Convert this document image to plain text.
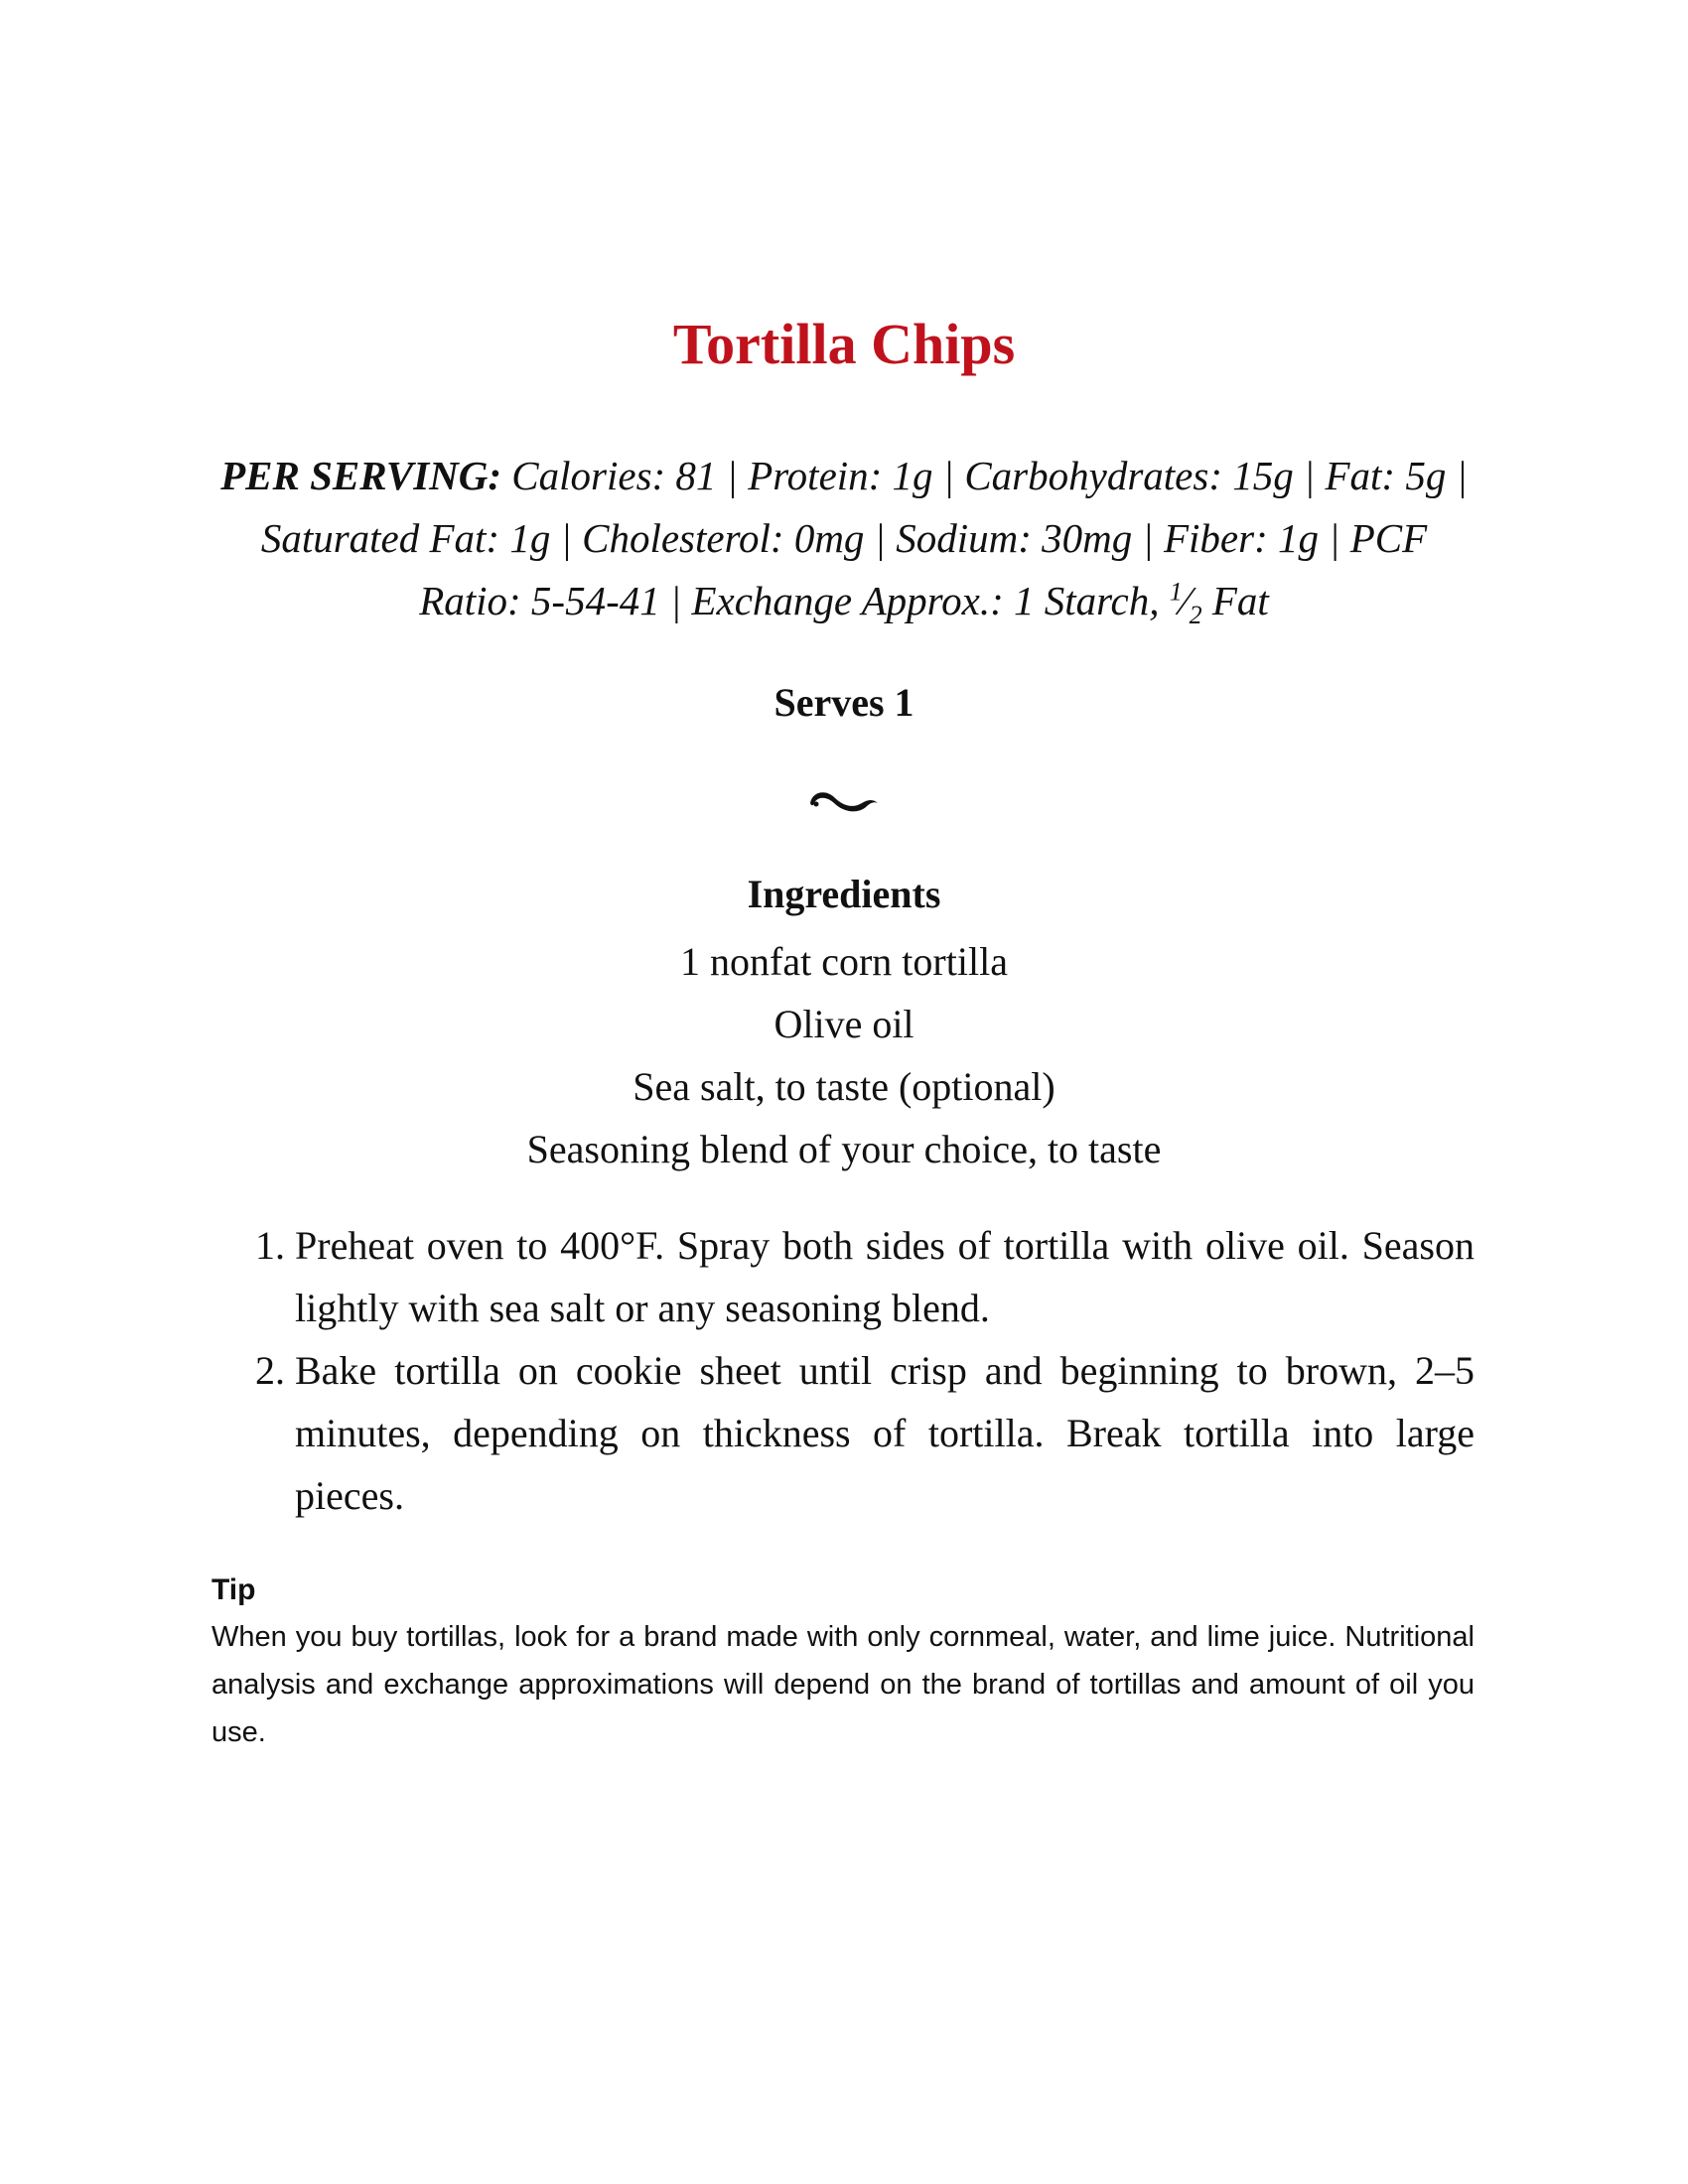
Tortilla Chips

PER SERVING: Calories: 81 | Protein: 1g | Carbohydrates: 15g | Fat: 5g | Saturated Fat: 1g | Cholesterol: 0mg | Sodium: 30mg | Fiber: 1g | PCF Ratio: 5-54-41 | Exchange Approx.: 1 Starch, $^1⁄_2$ Fat

Serves 1
Ingredients
1 nonfat corn tortilla
Olive oil
Sea salt, to taste (optional)
Seasoning blend of your choice, to taste
1. Preheat oven to 400°F. Spray both sides of tortilla with olive oil. Season lightly with sea salt or any seasoning blend.
2. Bake tortilla on cookie sheet until crisp and beginning to brown, 2–5 minutes, depending on thickness of tortilla. Break tortilla into large pieces.
Tip

When you buy tortillas, look for a brand made with only cornmeal, water, and lime juice. Nutritional analysis and exchange approximations will depend on the brand of tortillas and amount of oil you use.
